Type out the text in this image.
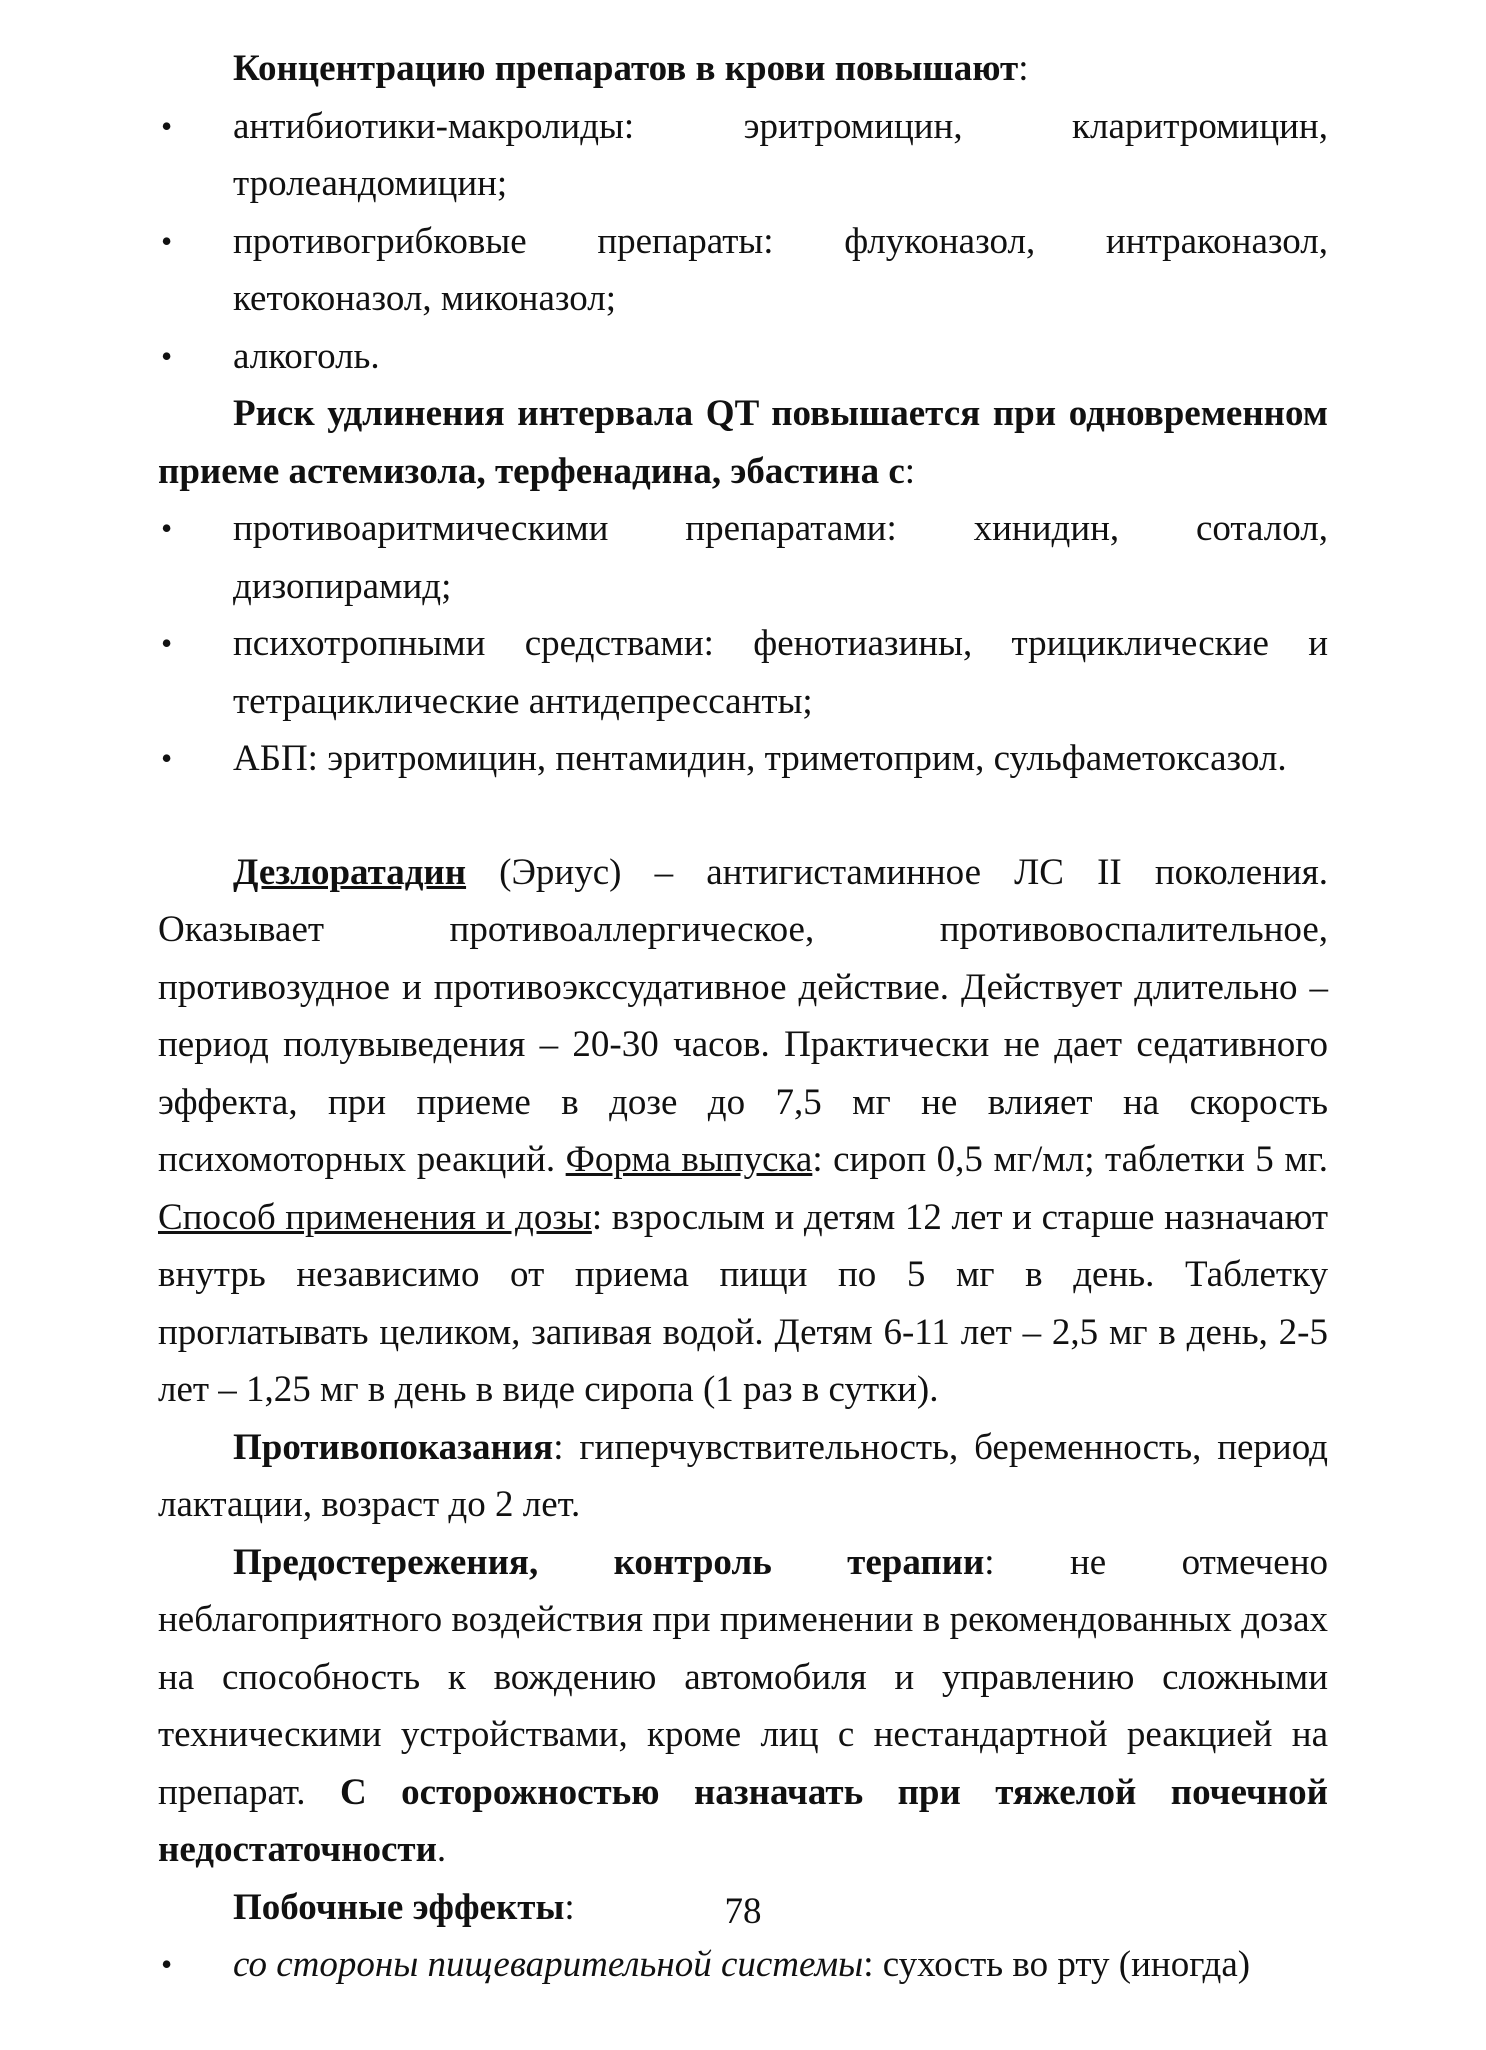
Концентрацию препаратов в крови повышают:

• антибиотики-макролиды: эритромицин, кларитромицин, тролеандомицин;
• противогрибковые препараты: флуконазол, интраконазол, кетоконазол, миконазол;
• алкоголь.

Риск удлинения интервала QT повышается при одновременном приеме астемизола, терфенадина, эбастина с:

• противоаритмическими препаратами: хинидин, соталол, дизопирамид;
• психотропными средствами: фенотиазины, трициклические и тетрациклические антидепрессанты;
• АБП: эритромицин, пентамидин, триметоприм, сульфаметоксазол.

Дезлоратадин (Эриус) – антигистаминное ЛС II поколения. Оказывает противоаллергическое, противовоспалительное, противозудное и противоэкссудативное действие. Действует длительно – период полувыведения – 20-30 часов. Практически не дает седативного эффекта, при приеме в дозе до 7,5 мг не влияет на скорость психомоторных реакций. Форма выпуска: сироп 0,5 мг/мл; таблетки 5 мг. Способ применения и дозы: взрослым и детям 12 лет и старше назначают внутрь независимо от приема пищи по 5 мг в день. Таблетку проглатывать целиком, запивая водой. Детям 6-11 лет – 2,5 мг в день, 2-5 лет – 1,25 мг в день в виде сиропа (1 раз в сутки).

Противопоказания: гиперчувствительность, беременность, период лактации, возраст до 2 лет.

Предостережения, контроль терапии: не отмечено неблагоприятного воздействия при применении в рекомендованных дозах на способность к вождению автомобиля и управлению сложными техническими устройствами, кроме лиц с нестандартной реакцией на препарат. С осторожностью назначать при тяжелой почечной недостаточности.

Побочные эффекты:

• со стороны пищеварительной системы: сухость во рту (иногда)
78
